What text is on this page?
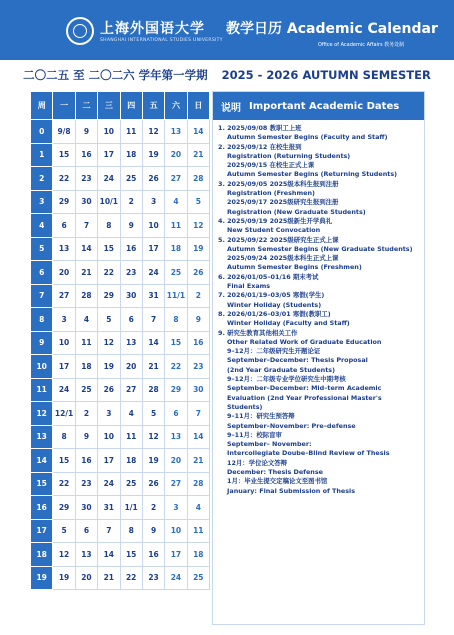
上海外国语大学
SHANGHAI INTERNATIONAL STUDIES UNIVERSITY
教学日历 Academic Calendar
Office of Academic Affairs 教务处制
二〇二五 至 二〇二六 学年第一学期 2025 - 2026 AUTUMN SEMESTER
周	一	二	三	四	五	六	日
0	9/8	9	10	11	12	13	14
1	15	16	17	18	19	20	21
2	22	23	24	25	26	27	28
3	29	30	10/1	2	3	4	5
4	6	7	8	9	10	11	12
5	13	14	15	16	17	18	19
6	20	21	22	23	24	25	26
7	27	28	29	30	31	11/1	2
8	3	4	5	6	7	8	9
9	10	11	12	13	14	15	16
10	17	18	19	20	21	22	23
11	24	25	26	27	28	29	30
12	12/1	2	3	4	5	6	7
13	8	9	10	11	12	13	14
14	15	16	17	18	19	20	21
15	22	23	24	25	26	27	28
16	29	30	31	1/1	2	3	4
17	5	6	7	8	9	10	11
18	12	13	14	15	16	17	18
19	19	20	21	22	23	24	25
说明 Important Academic Dates
1. 2025/09/08 教职工上班
Autumn Semester Begins (Faculty and Staff)
2. 2025/09/12 在校生报到
Registration (Returning Students)
2025/09/15 在校生正式上课
Autumn Semester Begins (Returning Students)
3. 2025/09/05 2025级本科生报到注册
Registration (Freshmen)
2025/09/17 2025级研究生报到注册
Registration (New Graduate Students)
4. 2025/09/19 2025级新生开学典礼
New Student Convocation
5. 2025/09/22 2025级研究生正式上课
Autumn Semester Begins (New Graduate Students)
2025/09/24 2025级本科生正式上课
Autumn Semester Begins (Freshmen)
6. 2026/01/05–01/16 期末考试
Final Exams
7. 2026/01/19–03/05 寒假(学生)
Winter Holiday (Students)
8. 2026/01/26–03/01 寒假(教职工)
Winter Holiday (Faculty and Staff)
9. 研究生教育其他相关工作
Other Related Work of Graduate Education
9–12月：二年级研究生开题论证
September–December: Thesis Proposal
(2nd Year Graduate Students)
9–12月：二年级专业学位研究生中期考核
September–December: Mid–term Academic
Evaluation (2nd Year Professional Master's
Students)
9–11月：研究生预答辩
September–November: Pre–defense
9–11月：校际盲审
September– November:
Intercollegiate Doube–Blind Review of Thesis
12月：学位论文答辩
December: Thesis Defense
1月：毕业生提交定稿论文至图书馆
January: Final Submission of Thesis
